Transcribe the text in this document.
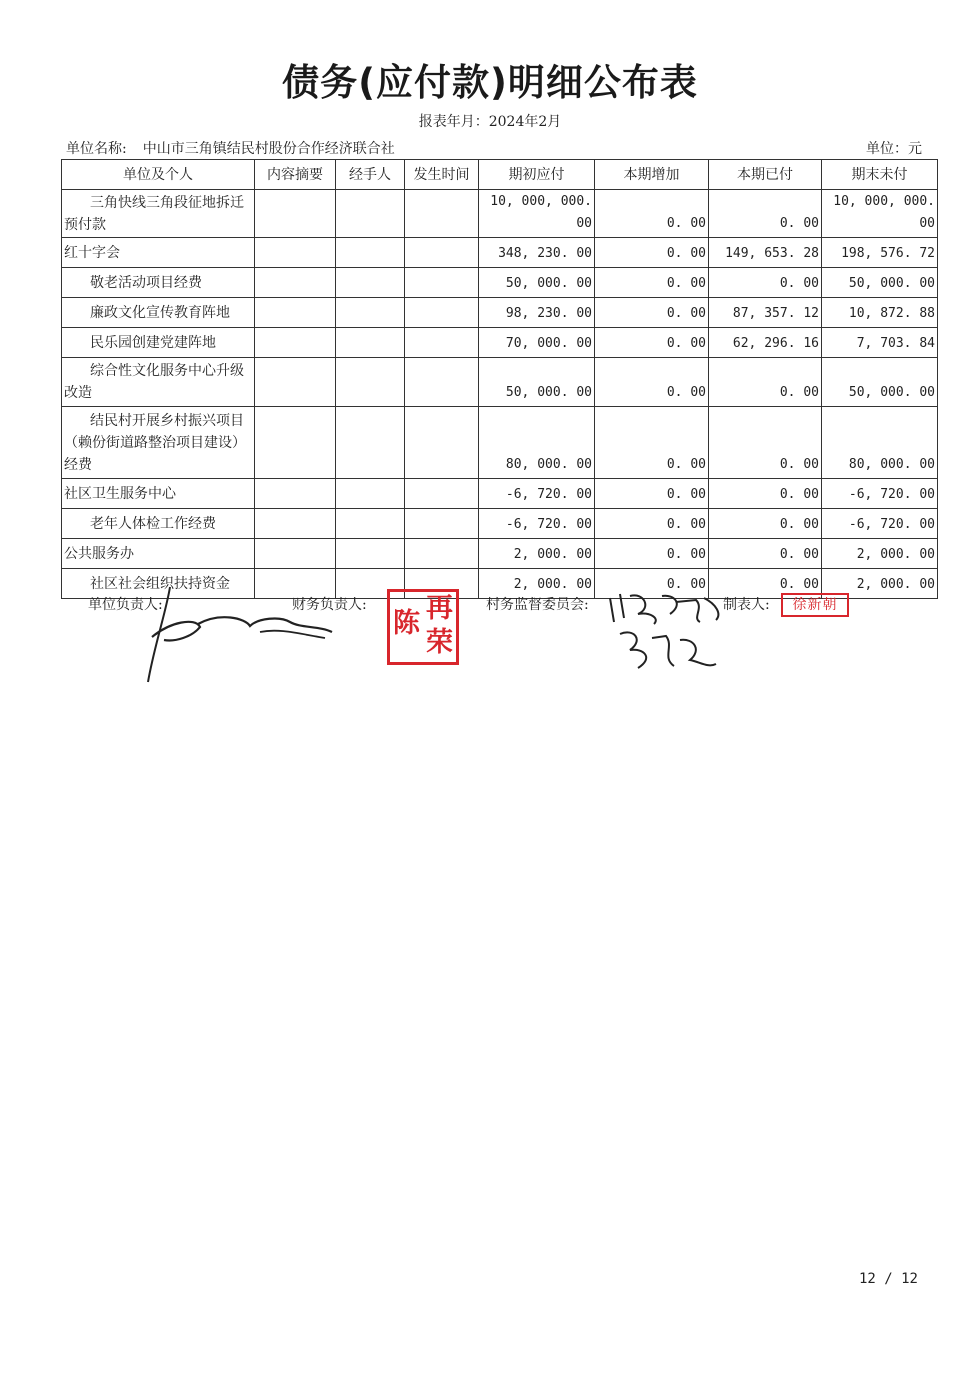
债务(应付款)明细公布表
报表年月：2024年2月
单位名称: 中山市三角镇结民村股份合作经济联合社	单位：元
单位及个人	内容摘要	经手人	发生时间	期初应付	本期增加	本期已付	期末未付
三角快线三角段征地拆迁预付款				10, 000, 000. 00	0. 00	0. 00	10, 000, 000. 00
红十字会				348, 230. 00	0. 00	149, 653. 28	198, 576. 72
敬老活动项目经费				50, 000. 00	0. 00	0. 00	50, 000. 00
廉政文化宣传教育阵地				98, 230. 00	0. 00	87, 357. 12	10, 872. 88
民乐园创建党建阵地				70, 000. 00	0. 00	62, 296. 16	7, 703. 84
综合性文化服务中心升级改造				50, 000. 00	0. 00	0. 00	50, 000. 00
结民村开展乡村振兴项目（赖份街道路整治项目建设）经费				80, 000. 00	0. 00	0. 00	80, 000. 00
社区卫生服务中心				-6, 720. 00	0. 00	0. 00	-6, 720. 00
老年人体检工作经费				-6, 720. 00	0. 00	0. 00	-6, 720. 00
公共服务办				2, 000. 00	0. 00	0. 00	2, 000. 00
社区社会组织扶持资金				2, 000. 00	0. 00	0. 00	2, 000. 00
单位负责人:	财务负责人:	村务监督委员会:	制表人:
再
陈
荣
徐新朝
12 / 12
